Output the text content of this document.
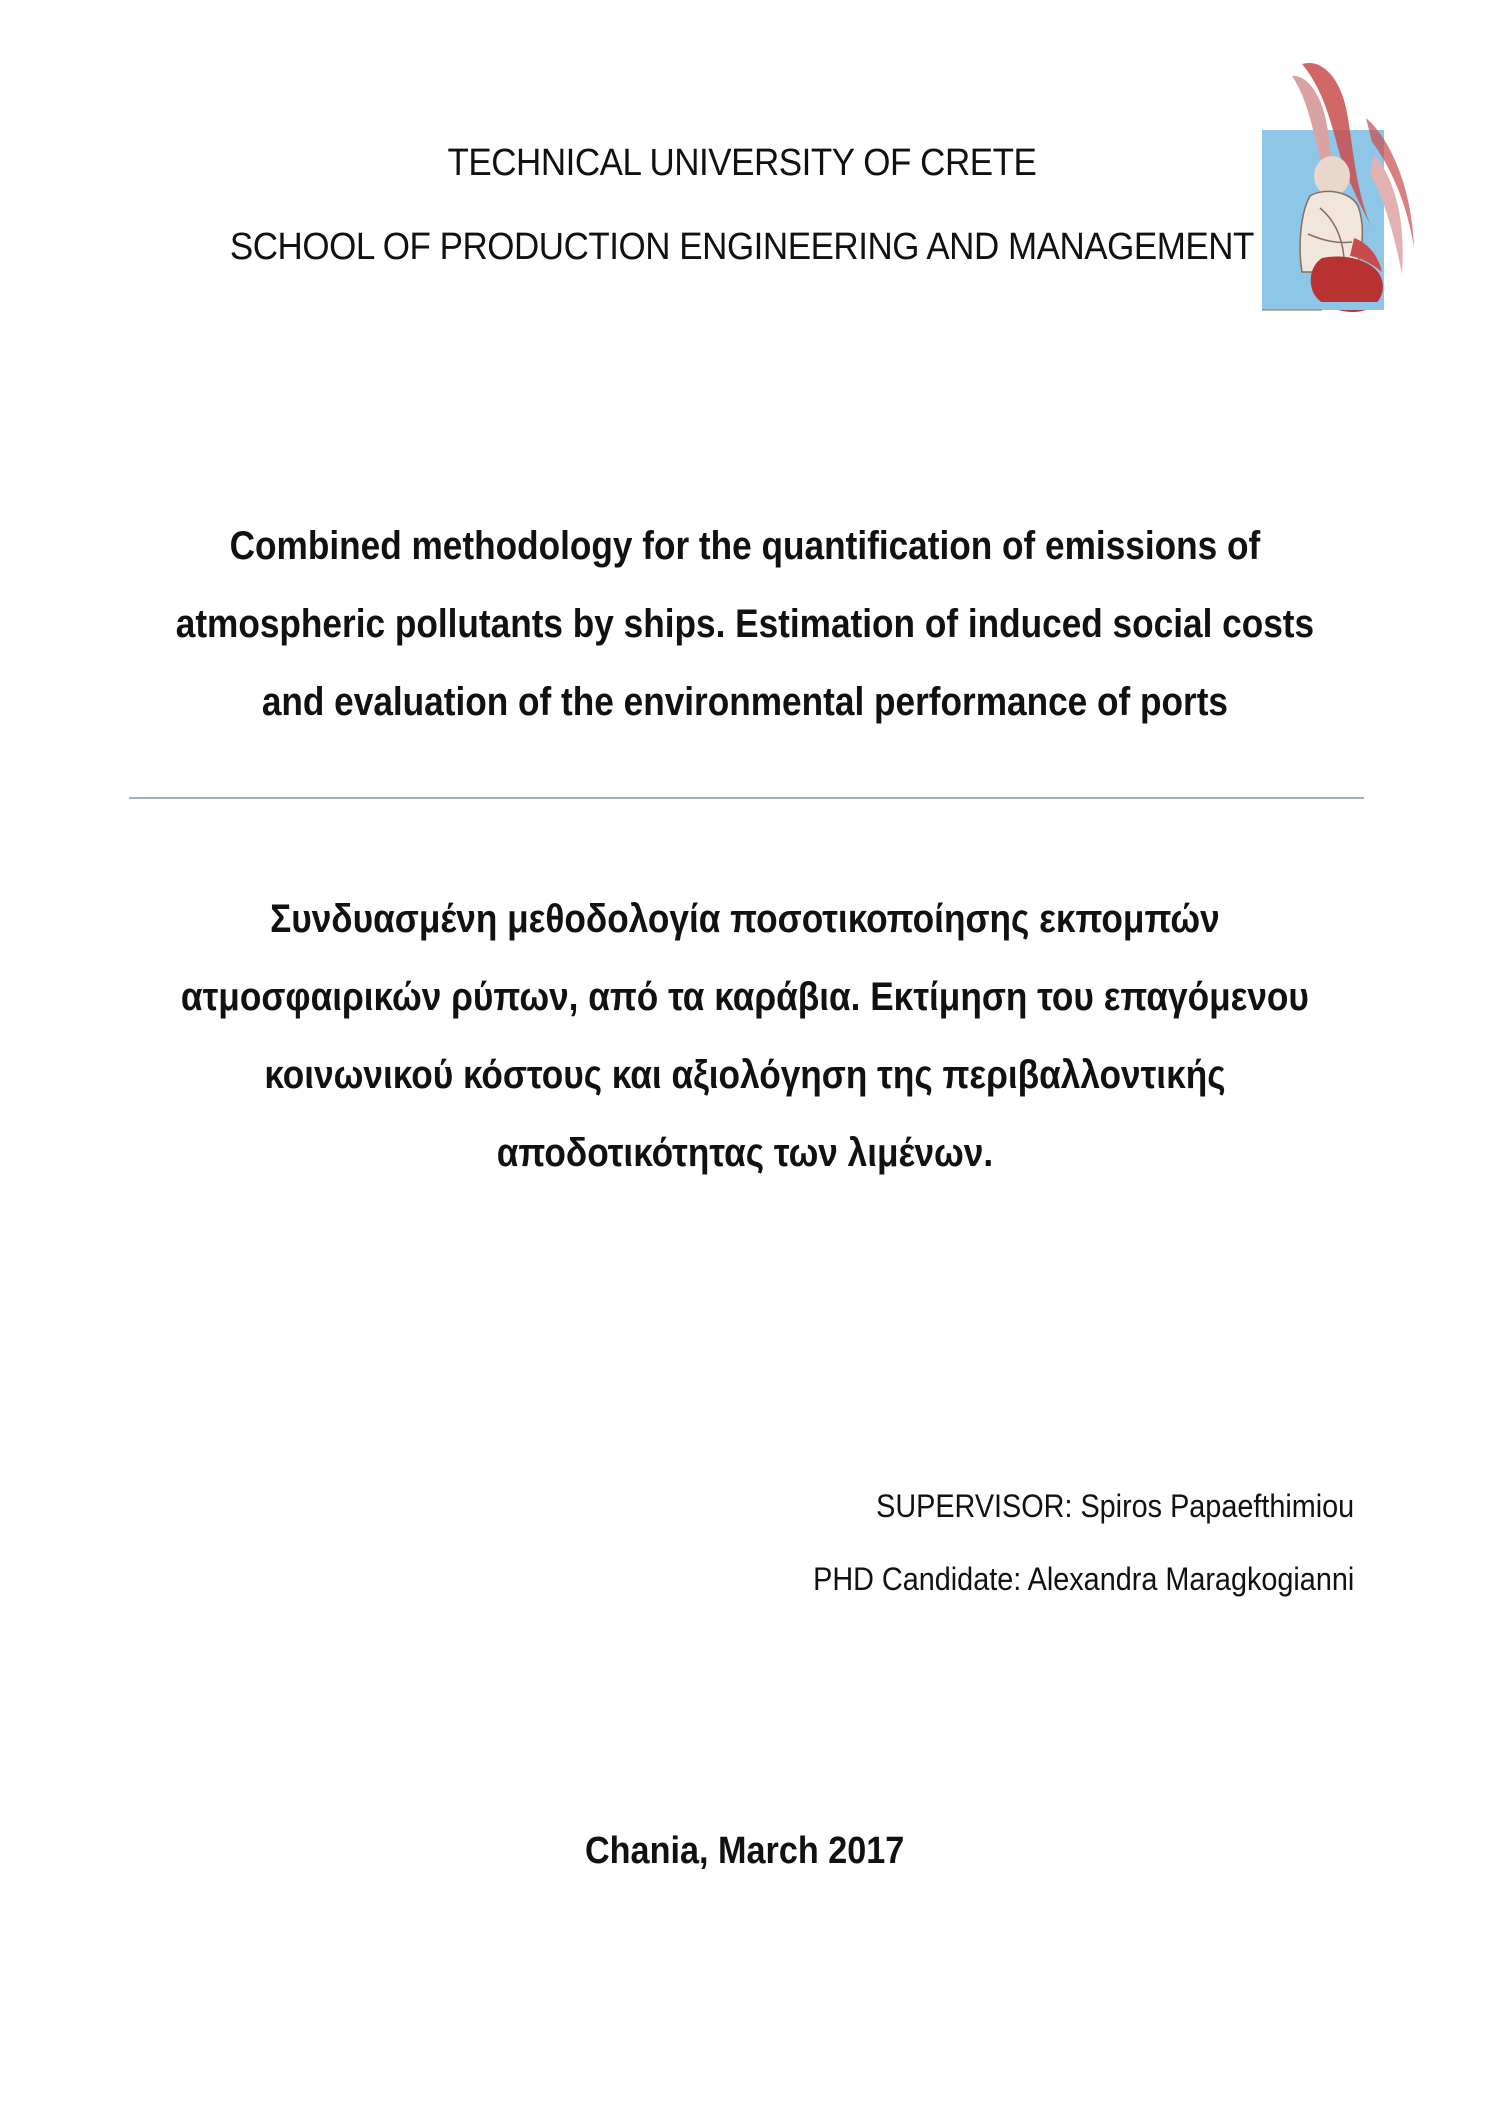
TECHNICAL UNIVERSITY OF CRETE
SCHOOL OF PRODUCTION ENGINEERING AND MANAGEMENT
Combined methodology for the quantification of emissions of
atmospheric pollutants by ships. Estimation of induced social costs
and evaluation of the environmental performance of ports
Συνδυασμένη μεθοδολογία ποσοτικοποίησης εκπομπών
ατμοσφαιρικών ρύπων, από τα καράβια. Εκτίμηση του επαγόμενου
κοινωνικού κόστους και αξιολόγηση της περιβαλλοντικής
αποδοτικότητας των λιμένων.
SUPERVISOR: Spiros Papaefthimiou
PHD Candidate: Alexandra Maragkogianni
Chania, March 2017
